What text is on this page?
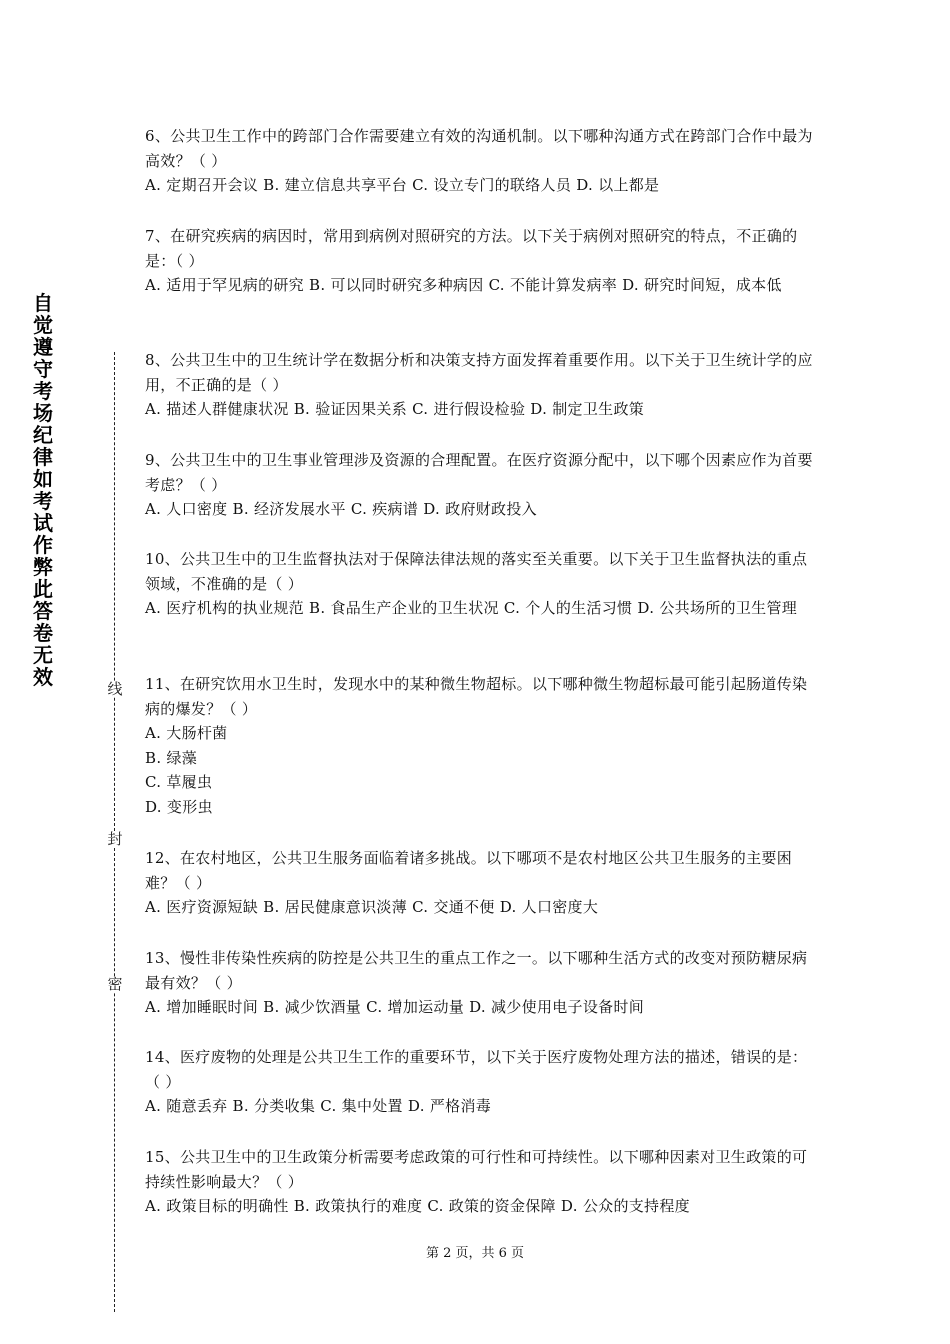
自
觉
遵
守
考
场
纪
律
如
考
试
作
弊
此
答
卷
无
效	线
封
密

6、公共卫生工作中的跨部门合作需要建立有效的沟通机制。以下哪种沟通方式在跨部门合作中最为高效？（ ）

A. 定期召开会议 B. 建立信息共享平台 C. 设立专门的联络人员 D. 以上都是

7、在研究疾病的病因时，常用到病例对照研究的方法。以下关于病例对照研究的特点，不正确的是：（ ）

A. 适用于罕见病的研究 B. 可以同时研究多种病因 C. 不能计算发病率 D. 研究时间短，成本低

8、公共卫生中的卫生统计学在数据分析和决策支持方面发挥着重要作用。以下关于卫生统计学的应用，不正确的是（ ）

A. 描述人群健康状况 B. 验证因果关系 C. 进行假设检验 D. 制定卫生政策

9、公共卫生中的卫生事业管理涉及资源的合理配置。在医疗资源分配中，以下哪个因素应作为首要考虑？（ ）

A. 人口密度 B. 经济发展水平 C. 疾病谱 D. 政府财政投入

10、公共卫生中的卫生监督执法对于保障法律法规的落实至关重要。以下关于卫生监督执法的重点领域，不准确的是（ ）

A. 医疗机构的执业规范 B. 食品生产企业的卫生状况 C. 个人的生活习惯 D. 公共场所的卫生管理

11、在研究饮用水卫生时，发现水中的某种微生物超标。以下哪种微生物超标最可能引起肠道传染病的爆发？（ ）

A. 大肠杆菌

B. 绿藻

C. 草履虫

D. 变形虫

12、在农村地区，公共卫生服务面临着诸多挑战。以下哪项不是农村地区公共卫生服务的主要困难？（ ）

A. 医疗资源短缺 B. 居民健康意识淡薄 C. 交通不便 D. 人口密度大

13、慢性非传染性疾病的防控是公共卫生的重点工作之一。以下哪种生活方式的改变对预防糖尿病最有效？（ ）

A. 增加睡眠时间 B. 减少饮酒量 C. 增加运动量 D. 减少使用电子设备时间

14、医疗废物的处理是公共卫生工作的重要环节，以下关于医疗废物处理方法的描述，错误的是：（ ）

A. 随意丢弃 B. 分类收集 C. 集中处置 D. 严格消毒

15、公共卫生中的卫生政策分析需要考虑政策的可行性和可持续性。以下哪种因素对卫生政策的可持续性影响最大？（ ）

A. 政策目标的明确性 B. 政策执行的难度 C. 政策的资金保障 D. 公众的支持程度

第 2 页，共 6 页
